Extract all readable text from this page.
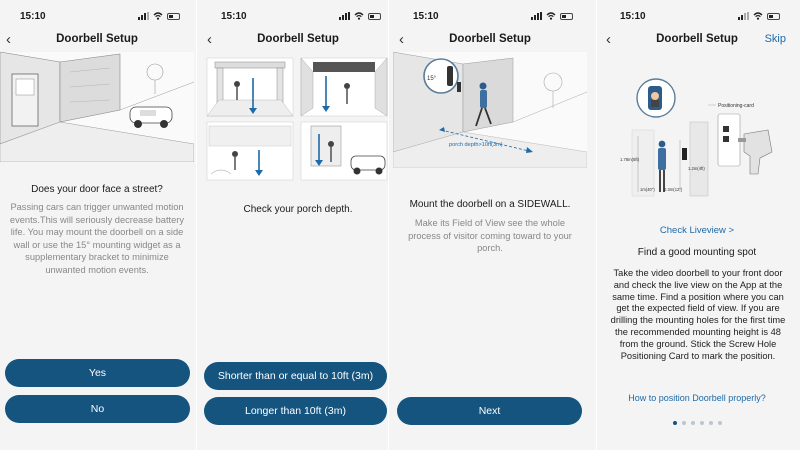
15:10
‹	Doorbell Setup
Does your door face a street?
Passing cars can trigger unwanted motion events.This will seriously decrease battery life. You may mount the doorbell on a side wall or use the 15° mounting widget as a supplementary bracket to minimize unwanted motion events.
Yes
No
15:10
‹	Doorbell Setup
Check your porch depth.
Shorter than or equal to 10ft (3m)
Longer than 10ft (3m)
15:10
‹	Doorbell Setup
15°
porch depth>10ft(3m)
Mount the doorbell on a SIDEWALL.
Make its Field of View see the whole process of visitor coming toward to your porch.
Next
15:10
‹	Doorbell Setup	Skip
1.78m(5ft)
1.2m(4ft)
1m(40") 0.3m(12")
Positioning-card
Check Liveview >
Find a good mounting spot
Take the video doorbell to your front door and check the live view on the App at the same time. Find a position where you can get the expected field of view. If you are drilling the mounting holes for the first time the recommended mounting height is 48 from the ground. Stick the Screw Hole Positioning Card to mark the position.
How to position Doorbell properly?
